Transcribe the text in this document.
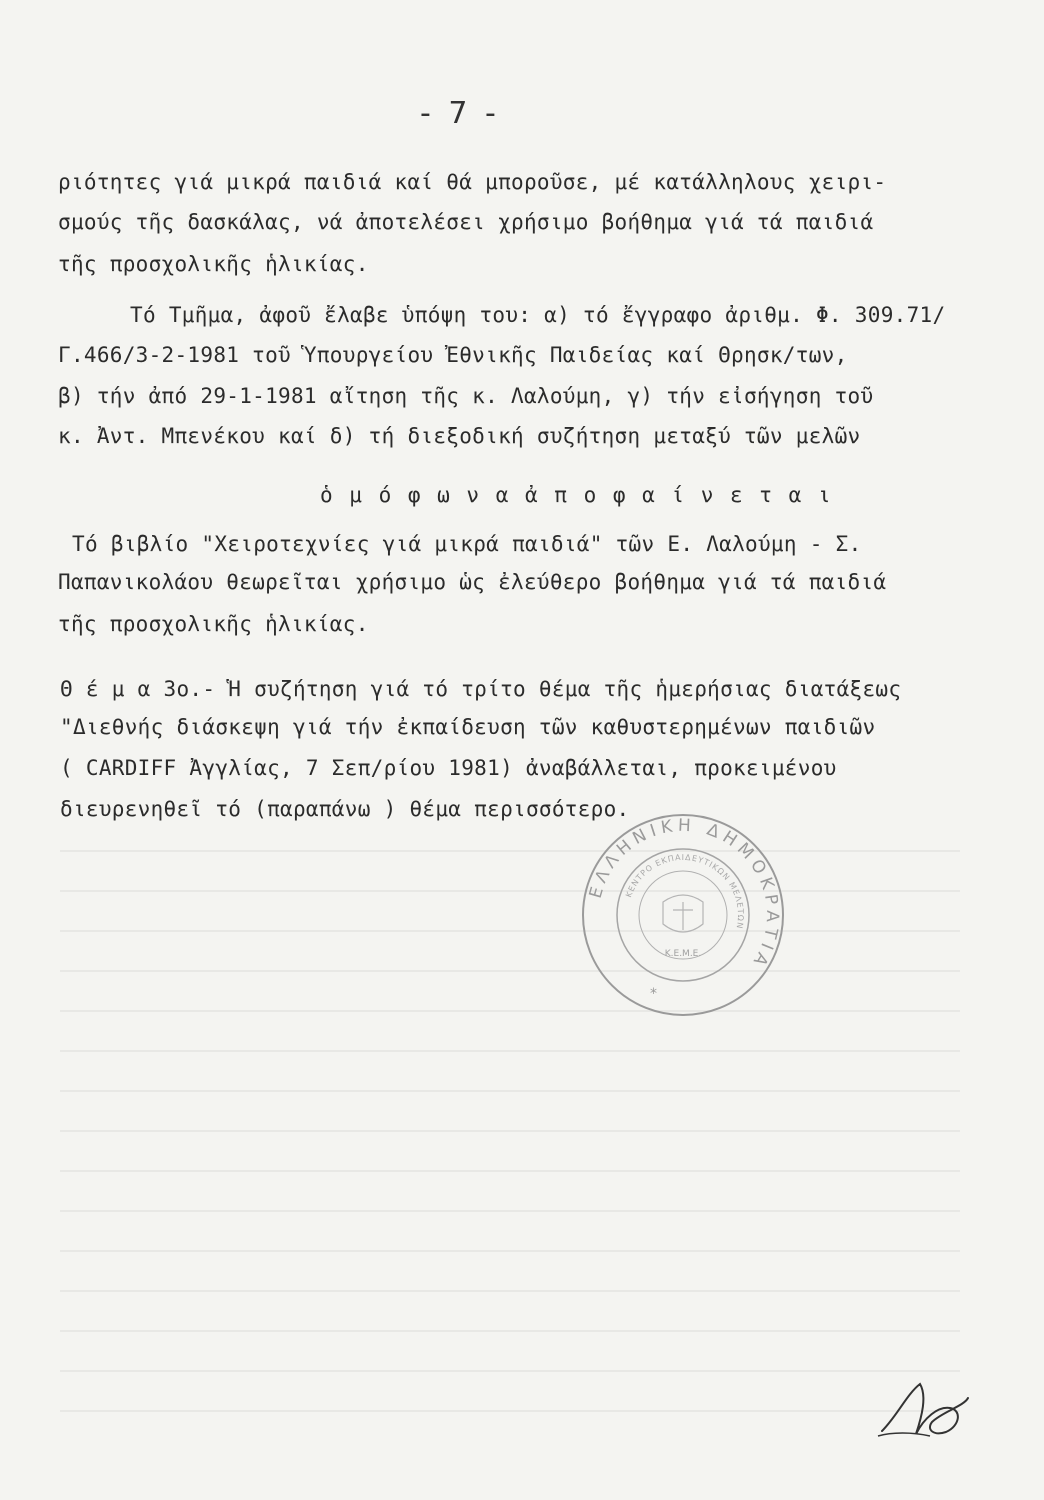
- 7 -
ριότητες γιά μικρά παιδιά καί θά μποροῦσε, μέ κατάλληλους χειρι-
σμούς τῆς δασκάλας, νά ἀποτελέσει χρήσιμο βοήθημα γιά τά παιδιά
τῆς προσχολικῆς ἡλικίας.
Τό Τμῆμα, ἀφοῦ ἔλαβε ὑπόψη του: α) τό ἔγγραφο ἀριθμ. Φ. 309.71/
Γ.466/3-2-1981 τοῦ Ὑπουργείου Ἐθνικῆς Παιδείας καί Θρησκ/των,
β) τήν ἀπό 29-1-1981 αἴτηση τῆς κ. Λαλούμη, γ) τήν εἰσήγηση τοῦ
κ. Ἀντ. Μπενέκου καί δ) τή διεξοδική συζήτηση μεταξύ τῶν μελῶν
ὁ μ ό φ ω ν α ἀ π ο φ α ί ν ε τ α ι
Τό βιβλίο "Χειροτεχνίες γιά μικρά παιδιά" τῶν Ε. Λαλούμη - Σ.
Παπανικολάου θεωρεῖται χρήσιμο ὡς ἐλεύθερο βοήθημα γιά τά παιδιά
τῆς προσχολικῆς ἡλικίας.
Θ έ μ α 3ο.- Ἡ συζήτηση γιά τό τρίτο θέμα τῆς ἡμερήσιας διατάξεως
"Διεθνής διάσκεψη γιά τήν ἐκπαίδευση τῶν καθυστερημένων παιδιῶν
( CARDIFF Ἀγγλίας, 7 Σεπ/ρίου 1981) ἀναβάλλεται, προκειμένου
διευρενηθεῖ τό (παραπάνω ) θέμα περισσότερο.
ΕΛΛΗΝΙΚΗ ΔΗΜΟΚΡΑΤΙΑ
ΚΕΝΤΡΟ ΕΚΠΑΙΔΕΥΤΙΚΩΝ ΜΕΛΕΤΩΝ
Κ.Ε.Μ.Ε.
*
